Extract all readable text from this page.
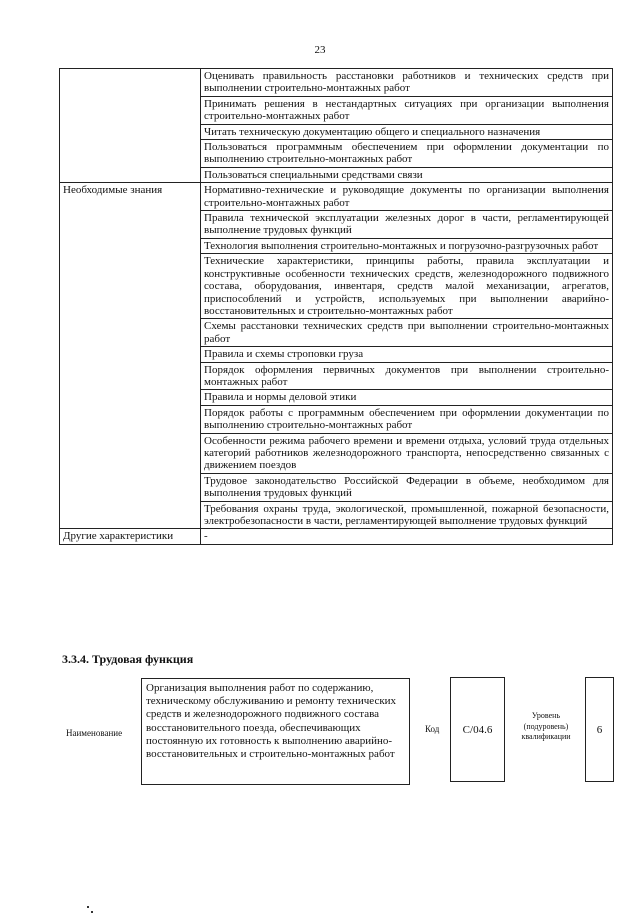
23
	Оценивать правильность расстановки работников и технических средств при выполнении строительно-монтажных работ
	Принимать решения в нестандартных ситуациях при организации выполнения строительно-монтажных работ
	Читать техническую документацию общего и специального назначения
	Пользоваться программным обеспечением при оформлении документации по выполнению строительно-монтажных работ
	Пользоваться специальными средствами связи

Необходимые знания	Нормативно-технические и руководящие документы по организации выполнения строительно-монтажных работ
	Правила технической эксплуатации железных дорог в части, регламентирующей выполнение трудовых функций
	Технология выполнения строительно-монтажных и погрузочно-разгрузочных работ
	Технические характеристики, принципы работы, правила эксплуатации и конструктивные особенности технических средств, железнодорожного подвижного состава, оборудования, инвентаря, средств малой механизации, агрегатов, приспособлений и устройств, используемых при выполнении аварийно-восстановительных и строительно-монтажных работ
	Схемы расстановки технических средств при выполнении строительно-монтажных работ
	Правила и схемы строповки груза
	Порядок оформления первичных документов при выполнении строительно-монтажных работ
	Правила и нормы деловой этики
	Порядок работы с программным обеспечением при оформлении документации по выполнению строительно-монтажных работ
	Особенности режима рабочего времени и времени отдыха, условий труда отдельных категорий работников железнодорожного транспорта, непосредственно связанных с движением поездов
	Трудовое законодательство Российской Федерации в объеме, необходимом для выполнения трудовых функций
	Требования охраны труда, экологической, промышленной, пожарной безопасности, электробезопасности в части, регламентирующей выполнение трудовых функций

Другие характеристики	-
3.3.4. Трудовая функция
Наименование
Организация выполнения работ по содержанию, техническому обслуживанию и ремонту технических средств и железнодорожного подвижного состава восстановительного поезда, обеспечивающих постоянную их готовность к выполнению аварийно-восстановительных и строительно-монтажных работ
Код С/04.6
Уровень
(подуровень)
квалификации
6
